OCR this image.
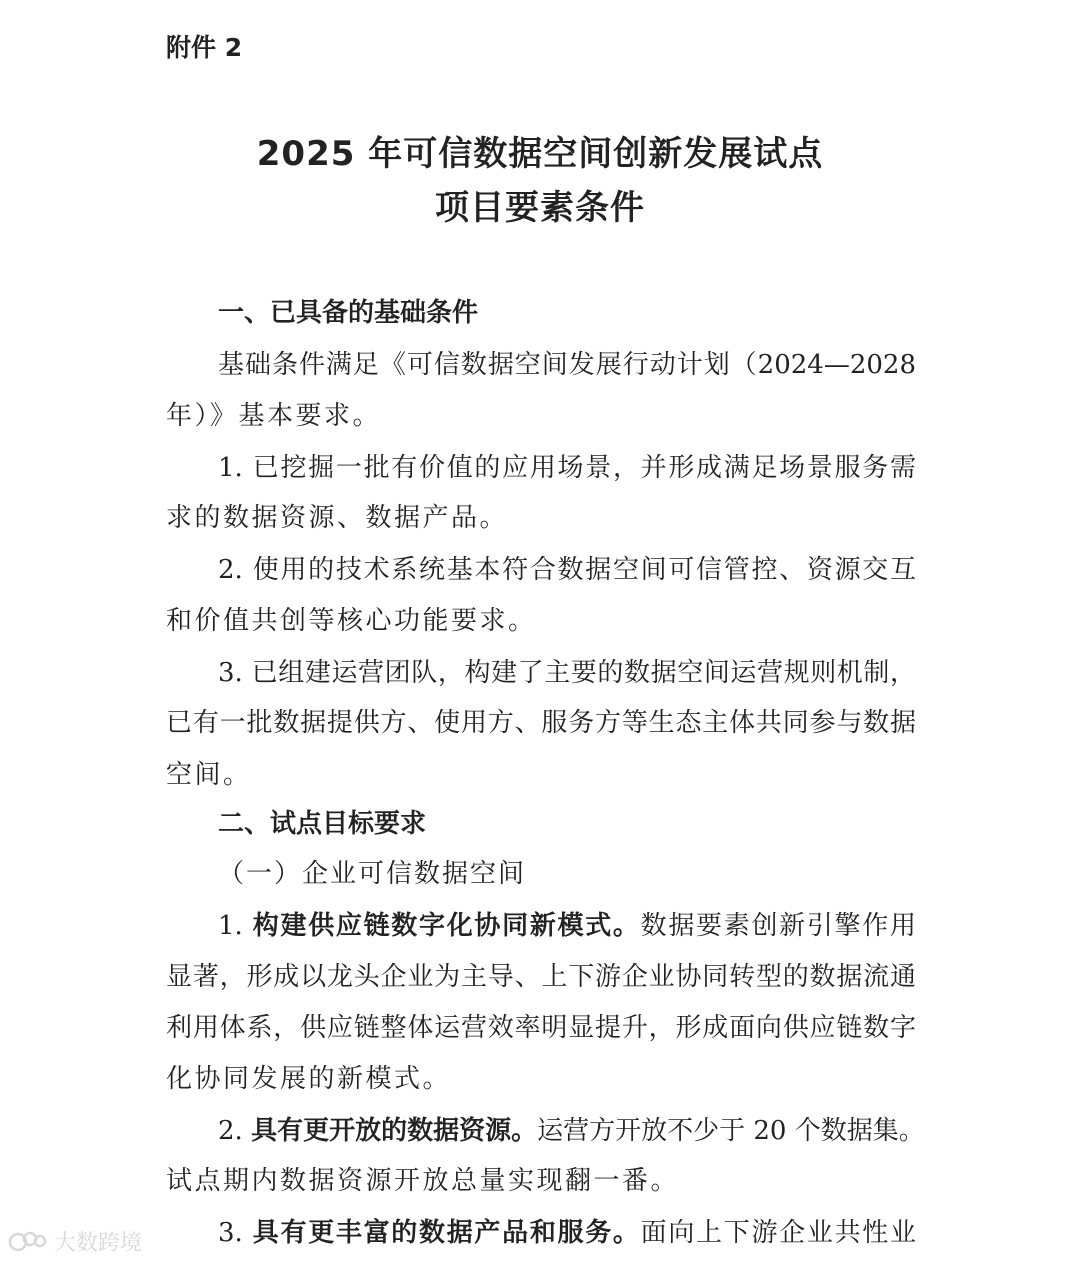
附件 2
2025 年可信数据空间创新发展试点
项目要素条件
一、已具备的基础条件
基础条件满足《可信数据空间发展行动计划（2024—2028
年）》基本要求。
1. 已挖掘一批有价值的应用场景，并形成满足场景服务需
求的数据资源、数据产品。
2. 使用的技术系统基本符合数据空间可信管控、资源交互
和价值共创等核心功能要求。
3. 已组建运营团队，构建了主要的数据空间运营规则机制，
已有一批数据提供方、使用方、服务方等生态主体共同参与数据
空间。
二、试点目标要求
（一）企业可信数据空间
1. 构建供应链数字化协同新模式。数据要素创新引擎作用
显著，形成以龙头企业为主导、上下游企业协同转型的数据流通
利用体系，供应链整体运营效率明显提升，形成面向供应链数字
化协同发展的新模式。
2. 具有更开放的数据资源。运营方开放不少于 20 个数据集。
试点期内数据资源开放总量实现翻一番。
3. 具有更丰富的数据产品和服务。面向上下游企业共性业
大数跨境
